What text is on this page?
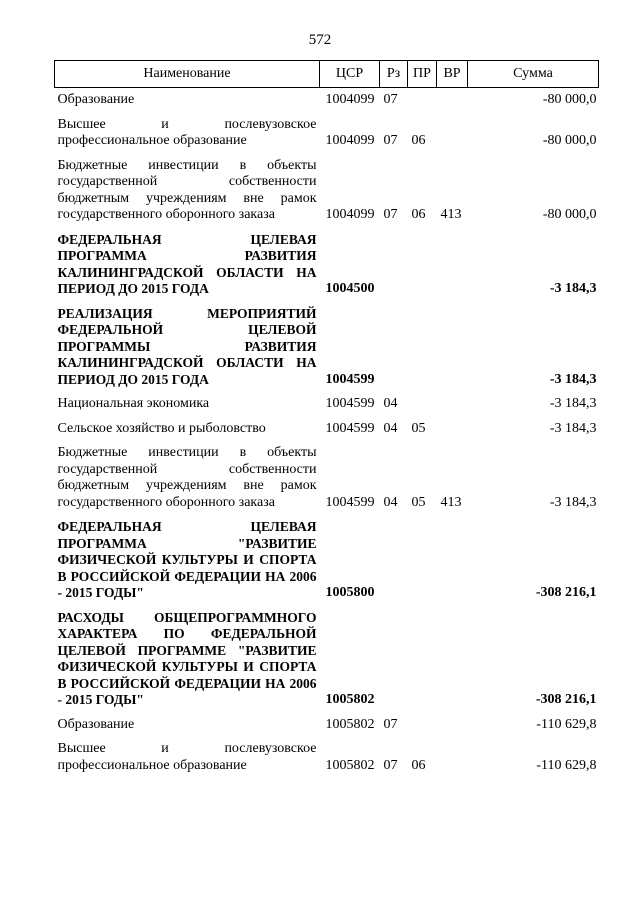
572
Наименование	ЦСР	Рз	ПР	ВР	Сумма
Образование	1004099	07			-80 000,0
Высшее и послевузовское профессиональное образование	1004099	07	06		-80 000,0
Бюджетные инвестиции в объекты государственной собственности бюджетным учреждениям вне рамок государственного оборонного заказа	1004099	07	06	413	-80 000,0
ФЕДЕРАЛЬНАЯ ЦЕЛЕВАЯ ПРОГРАММА РАЗВИТИЯ КАЛИНИНГРАДСКОЙ ОБЛАСТИ НА ПЕРИОД ДО 2015 ГОДА	1004500				-3 184,3
РЕАЛИЗАЦИЯ МЕРОПРИЯТИЙ ФЕДЕРАЛЬНОЙ ЦЕЛЕВОЙ ПРОГРАММЫ РАЗВИТИЯ КАЛИНИНГРАДСКОЙ ОБЛАСТИ НА ПЕРИОД ДО 2015 ГОДА	1004599				-3 184,3
Национальная экономика	1004599	04			-3 184,3
Сельское хозяйство и рыболовство	1004599	04	05		-3 184,3
Бюджетные инвестиции в объекты государственной собственности бюджетным учреждениям вне рамок государственного оборонного заказа	1004599	04	05	413	-3 184,3
ФЕДЕРАЛЬНАЯ ЦЕЛЕВАЯ ПРОГРАММА "РАЗВИТИЕ ФИЗИЧЕСКОЙ КУЛЬТУРЫ И СПОРТА В РОССИЙСКОЙ ФЕДЕРАЦИИ НА 2006 - 2015 ГОДЫ"	1005800				-308 216,1
РАСХОДЫ ОБЩЕПРОГРАММНОГО ХАРАКТЕРА ПО ФЕДЕРАЛЬНОЙ ЦЕЛЕВОЙ ПРОГРАММЕ "РАЗВИТИЕ ФИЗИЧЕСКОЙ КУЛЬТУРЫ И СПОРТА В РОССИЙСКОЙ ФЕДЕРАЦИИ НА 2006 - 2015 ГОДЫ"	1005802				-308 216,1
Образование	1005802	07			-110 629,8
Высшее и послевузовское профессиональное образование	1005802	07	06		-110 629,8
